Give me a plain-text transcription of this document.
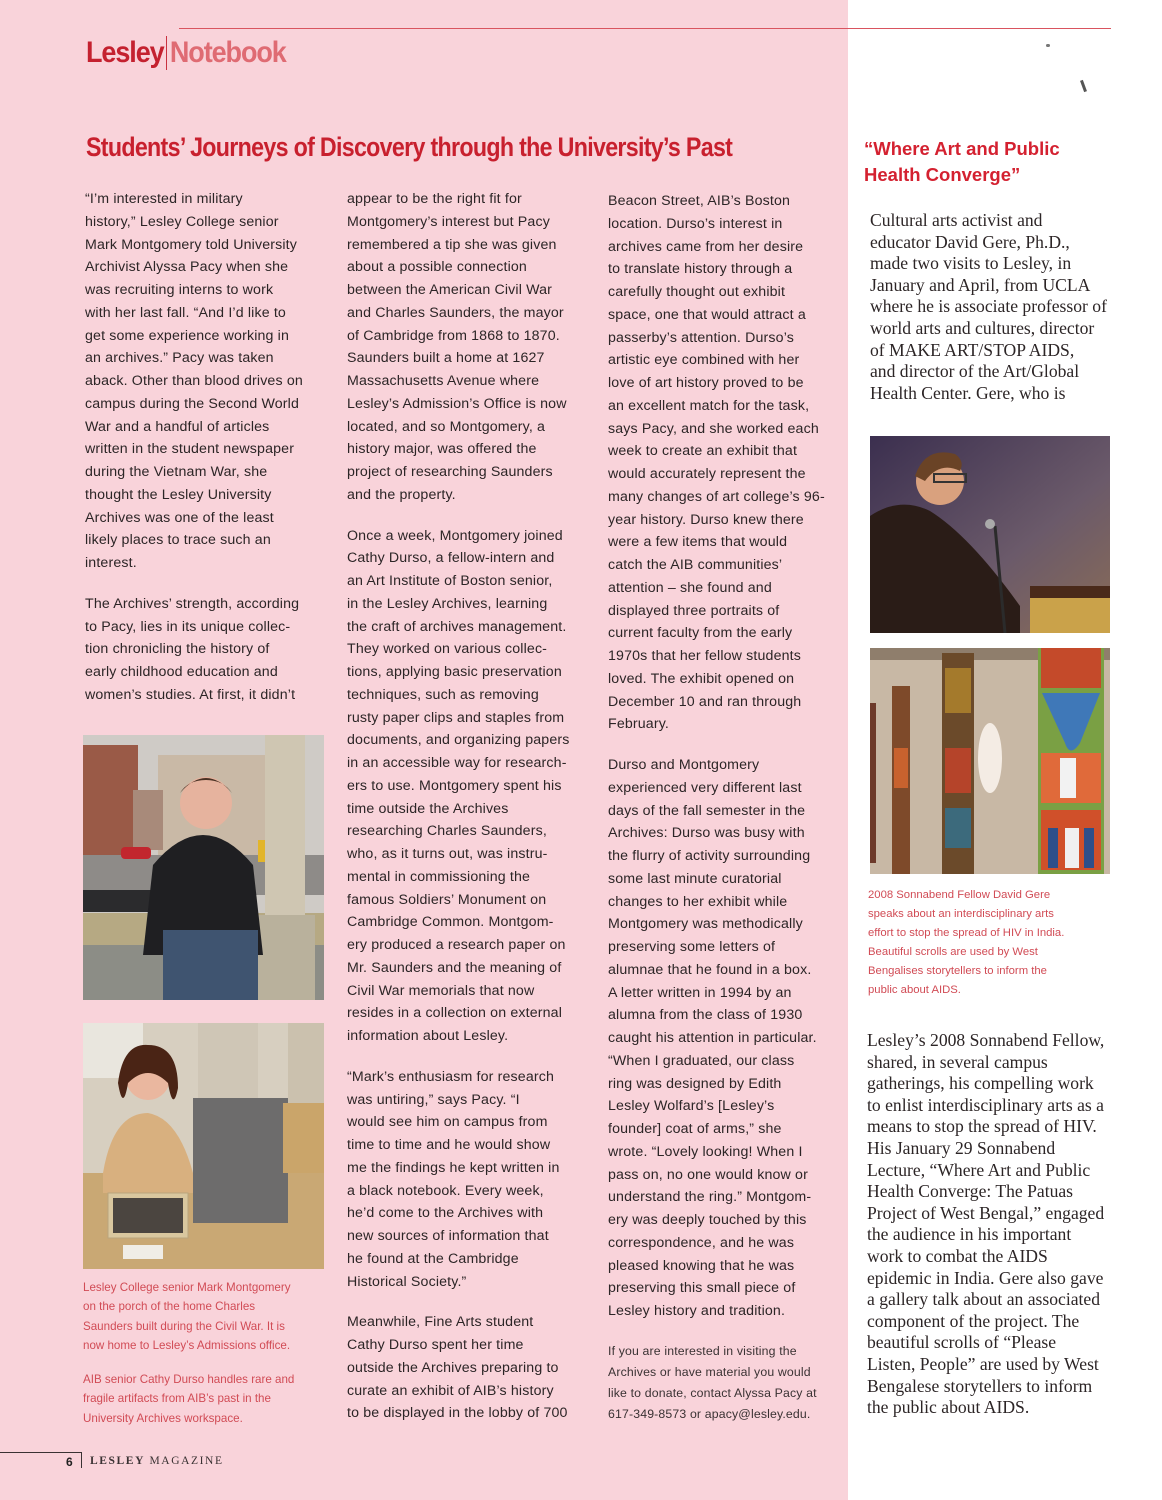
Lesley Notebook
Students’ Journeys of Discovery through the University’s Past

“I’m interested in military
history,” Lesley College senior
Mark Montgomery told University
Archivist Alyssa Pacy when she
was recruiting interns to work
with her last fall. “And I’d like to
get some experience working in
an archives.” Pacy was taken
aback. Other than blood drives on
campus during the Second World
War and a handful of articles
written in the student newspaper
during the Vietnam War, she
thought the Lesley University
Archives was one of the least
likely places to trace such an
interest.

The Archives’ strength, according
to Pacy, lies in its unique collec-
tion chronicling the history of
early childhood education and
women’s studies. At first, it didn’t

appear to be the right fit for
Montgomery’s interest but Pacy
remembered a tip she was given
about a possible connection
between the American Civil War
and Charles Saunders, the mayor
of Cambridge from 1868 to 1870.
Saunders built a home at 1627
Massachusetts Avenue where
Lesley’s Admission’s Office is now
located, and so Montgomery, a
history major, was offered the
project of researching Saunders
and the property.

Once a week, Montgomery joined
Cathy Durso, a fellow-intern and
an Art Institute of Boston senior,
in the Lesley Archives, learning
the craft of archives management.
They worked on various collec-
tions, applying basic preservation
techniques, such as removing
rusty paper clips and staples from
documents, and organizing papers
in an accessible way for research-
ers to use. Montgomery spent his
time outside the Archives
researching Charles Saunders,
who, as it turns out, was instru-
mental in commissioning the
famous Soldiers’ Monument on
Cambridge Common. Montgom-
ery produced a research paper on
Mr. Saunders and the meaning of
Civil War memorials that now
resides in a collection on external
information about Lesley.

“Mark’s enthusiasm for research
was untiring,” says Pacy. “I
would see him on campus from
time to time and he would show
me the findings he kept written in
a black notebook. Every week,
he’d come to the Archives with
new sources of information that
he found at the Cambridge
Historical Society.”

Meanwhile, Fine Arts student
Cathy Durso spent her time
outside the Archives preparing to
curate an exhibit of AIB’s history
to be displayed in the lobby of 700

Beacon Street, AIB’s Boston
location. Durso’s interest in
archives came from her desire
to translate history through a
carefully thought out exhibit
space, one that would attract a
passerby’s attention. Durso’s
artistic eye combined with her
love of art history proved to be
an excellent match for the task,
says Pacy, and she worked each
week to create an exhibit that
would accurately represent the
many changes of art college’s 96-
year history. Durso knew there
were a few items that would
catch the AIB communities’
attention – she found and
displayed three portraits of
current faculty from the early
1970s that her fellow students
loved. The exhibit opened on
December 10 and ran through
February.

Durso and Montgomery
experienced very different last
days of the fall semester in the
Archives: Durso was busy with
the flurry of activity surrounding
some last minute curatorial
changes to her exhibit while
Montgomery was methodically
preserving some letters of
alumnae that he found in a box.
A letter written in 1994 by an
alumna from the class of 1930
caught his attention in particular.
“When I graduated, our class
ring was designed by Edith
Lesley Wolfard’s [Lesley’s
founder] coat of arms,” she
wrote. “Lovely looking! When I
pass on, no one would know or
understand the ring.” Montgom-
ery was deeply touched by this
correspondence, and he was
pleased knowing that he was
preserving this small piece of
Lesley history and tradition.

If you are interested in visiting the
Archives or have material you would
like to donate, contact Alyssa Pacy at
617-349-8573 or apacy@lesley.edu.
Lesley College senior Mark Montgomery
on the porch of the home Charles
Saunders built during the Civil War. It is
now home to Lesley’s Admissions office.
AIB senior Cathy Durso handles rare and
fragile artifacts from AIB’s past in the
University Archives workspace.
“Where Art and Public
Health Converge”
Cultural arts activist and
educator David Gere, Ph.D.,
made two visits to Lesley, in
January and April, from UCLA
where he is associate professor of
world arts and cultures, director
of MAKE ART/STOP AIDS,
and director of the Art/Global
Health Center. Gere, who is
2008 Sonnabend Fellow David Gere
speaks about an interdisciplinary arts
effort to stop the spread of HIV in India.
Beautiful scrolls are used by West
Bengalises storytellers to inform the
public about AIDS.
Lesley’s 2008 Sonnabend Fellow,
shared, in several campus
gatherings, his compelling work
to enlist interdisciplinary arts as a
means to stop the spread of HIV.
His January 29 Sonnabend
Lecture, “Where Art and Public
Health Converge: The Patuas
Project of West Bengal,” engaged
the audience in his important
work to combat the AIDS
epidemic in India. Gere also gave
a gallery talk about an associated
component of the project. The
beautiful scrolls of “Please
Listen, People” are used by West
Bengalese storytellers to inform
the public about AIDS.
6 LESLEY MAGAZINE
